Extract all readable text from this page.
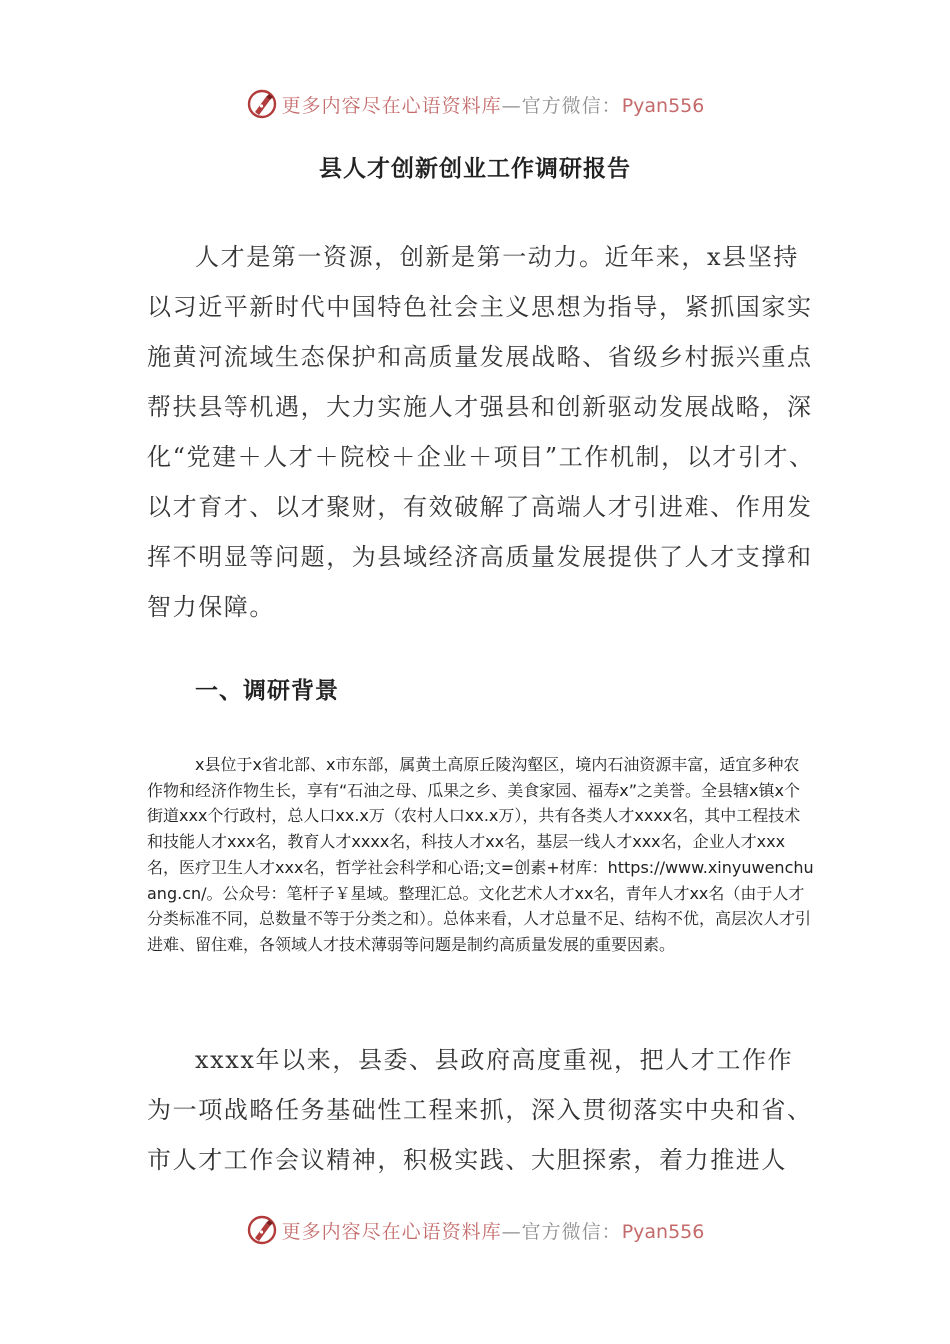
更多内容尽在心语资料库—官方微信：Pyan556
县人才创新创业工作调研报告

人才是第一资源，创新是第一动力。近年来，x县坚持以习近平新时代中国特色社会主义思想为指导，紧抓国家实施黄河流域生态保护和高质量发展战略、省级乡村振兴重点帮扶县等机遇，大力实施人才强县和创新驱动发展战略，深化“党建＋人才＋院校＋企业＋项目”工作机制，以才引才、以才育才、以才聚财，有效破解了高端人才引进难、作用发挥不明显等问题，为县域经济高质量发展提供了人才支撑和智力保障。

一、调研背景

x县位于x省北部、x市东部，属黄土高原丘陵沟壑区，境内石油资源丰富，适宜多种农作物和经济作物生长，享有“石油之母、瓜果之乡、美食家园、福寿x”之美誉。全县辖x镇x个街道xxx个行政村，总人口xx.x万（农村人口xx.x万），共有各类人才xxxx名，其中工程技术和技能人才xxx名，教育人才xxxx名，科技人才xx名，基层一线人才xxx名，企业人才xxx名，医疗卫生人才xxx名，哲学社会科学和心语;文=创素+材库：https://www.xinyuwenchuang.cn/。公众号：笔杆子￥星域。整理汇总。文化艺术人才xx名，青年人才xx名（由于人才分类标准不同，总数量不等于分类之和）。总体来看，人才总量不足、结构不优，高层次人才引进难、留住难，各领域人才技术薄弱等问题是制约高质量发展的重要因素。

xxxx年以来，县委、县政府高度重视，把人才工作作为一项战略任务基础性工程来抓，深入贯彻落实中央和省、市人才工作会议精神，积极实践、大胆探索，着力推进人

更多内容尽在心语资料库—官方微信：Pyan556
